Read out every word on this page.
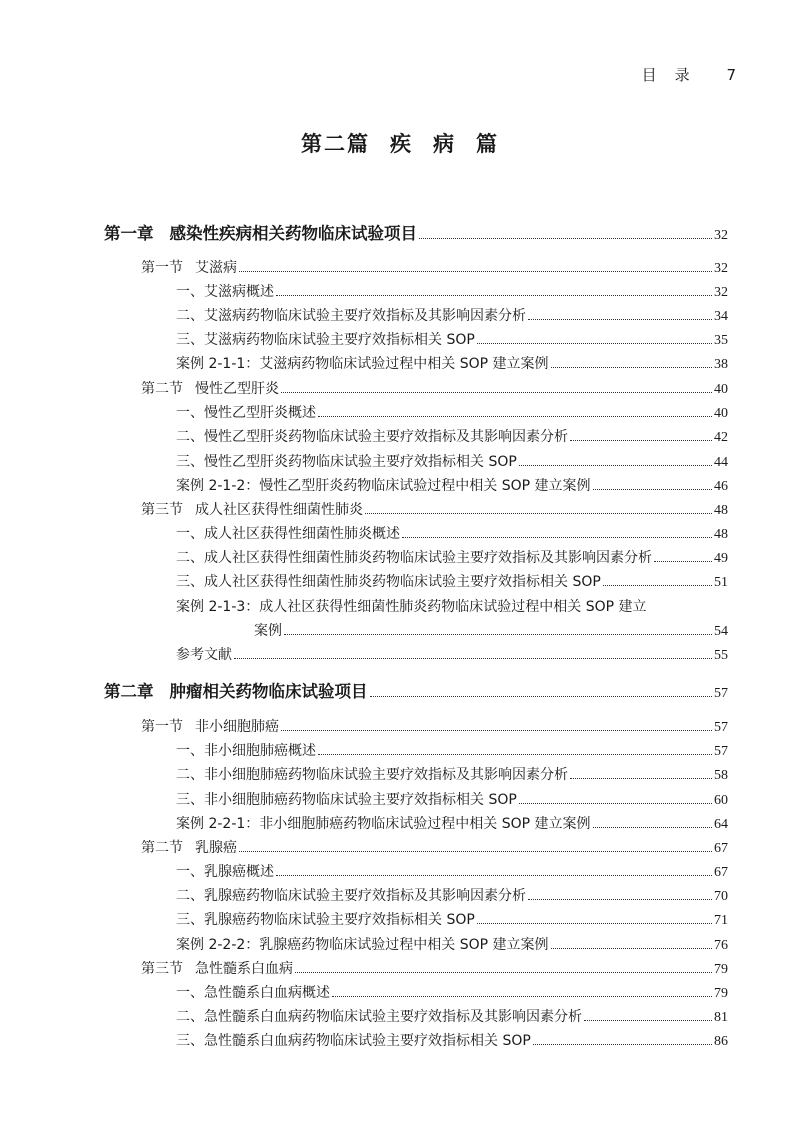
目录 7
第二篇 疾 病 篇
第一章 感染性疾病相关药物临床试验项目	32
第一节 艾滋病	32
一、艾滋病概述	32
二、艾滋病药物临床试验主要疗效指标及其影响因素分析	34
三、艾滋病药物临床试验主要疗效指标相关 SOP	35
案例 2-1-1：艾滋病药物临床试验过程中相关 SOP 建立案例	38
第二节 慢性乙型肝炎	40
一、慢性乙型肝炎概述	40
二、慢性乙型肝炎药物临床试验主要疗效指标及其影响因素分析	42
三、慢性乙型肝炎药物临床试验主要疗效指标相关 SOP	44
案例 2-1-2：慢性乙型肝炎药物临床试验过程中相关 SOP 建立案例	46
第三节 成人社区获得性细菌性肺炎	48
一、成人社区获得性细菌性肺炎概述	48
二、成人社区获得性细菌性肺炎药物临床试验主要疗效指标及其影响因素分析	49
三、成人社区获得性细菌性肺炎药物临床试验主要疗效指标相关 SOP	51
案例 2-1-3：成人社区获得性细菌性肺炎药物临床试验过程中相关 SOP 建立
案例	54
参考文献	55
第二章 肿瘤相关药物临床试验项目	57
第一节 非小细胞肺癌	57
一、非小细胞肺癌概述	57
二、非小细胞肺癌药物临床试验主要疗效指标及其影响因素分析	58
三、非小细胞肺癌药物临床试验主要疗效指标相关 SOP	60
案例 2-2-1：非小细胞肺癌药物临床试验过程中相关 SOP 建立案例	64
第二节 乳腺癌	67
一、乳腺癌概述	67
二、乳腺癌药物临床试验主要疗效指标及其影响因素分析	70
三、乳腺癌药物临床试验主要疗效指标相关 SOP	71
案例 2-2-2：乳腺癌药物临床试验过程中相关 SOP 建立案例	76
第三节 急性髓系白血病	79
一、急性髓系白血病概述	79
二、急性髓系白血病药物临床试验主要疗效指标及其影响因素分析	81
三、急性髓系白血病药物临床试验主要疗效指标相关 SOP	86
